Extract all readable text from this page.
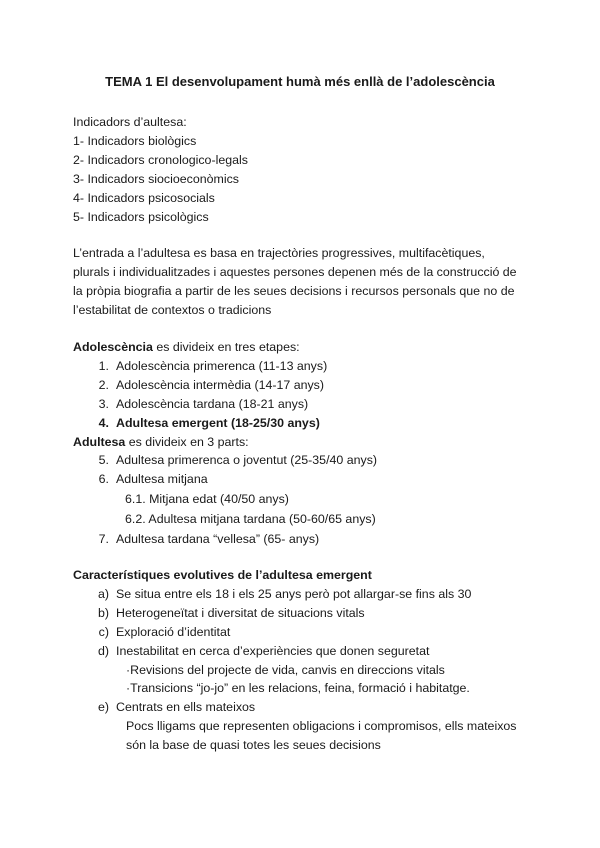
TEMA 1 El desenvolupament humà més enllà de l’adolescència
Indicadors d’aultesa:
1- Indicadors biològics
2- Indicadors cronologico-legals
3- Indicadors siocioeconòmics
4- Indicadors psicosocials
5- Indicadors psicològics
L’entrada a l’adultesa es basa en trajectòries progressives, multifacètiques,
plurals i individualitzades i aquestes persones depenen més de la construcció de
la pròpia biografia a partir de les seues decisions i recursos personals que no de
l’estabilitat de contextos o tradicions
Adolescència es divideix en tres etapes:
1. Adolescència primerenca (11-13 anys)
2. Adolescència intermèdia (14-17 anys)
3. Adolescència tardana (18-21 anys)
4. Adultesa emergent (18-25/30 anys)
Adultesa es divideix en 3 parts:
5. Adultesa primerenca o joventut (25-35/40 anys)
6. Adultesa mitjana
6.1. Mitjana edat (40/50 anys)
6.2. Adultesa mitjana tardana (50-60/65 anys)
7. Adultesa tardana “vellesa” (65- anys)
Característiques evolutives de l’adultesa emergent
a) Se situa entre els 18 i els 25 anys però pot allargar-se fins als 30
b) Heterogeneïtat i diversitat de situacions vitals
c) Exploració d’identitat
d) Inestabilitat en cerca d’experiències que donen seguretat
·Revisions del projecte de vida, canvis en direccions vitals
·Transicions “jo-jo” en les relacions, feina, formació i habitatge.
e) Centrats en ells mateixos
Pocs lligams que representen obligacions i compromisos, ells mateixos
són la base de quasi totes les seues decisions
